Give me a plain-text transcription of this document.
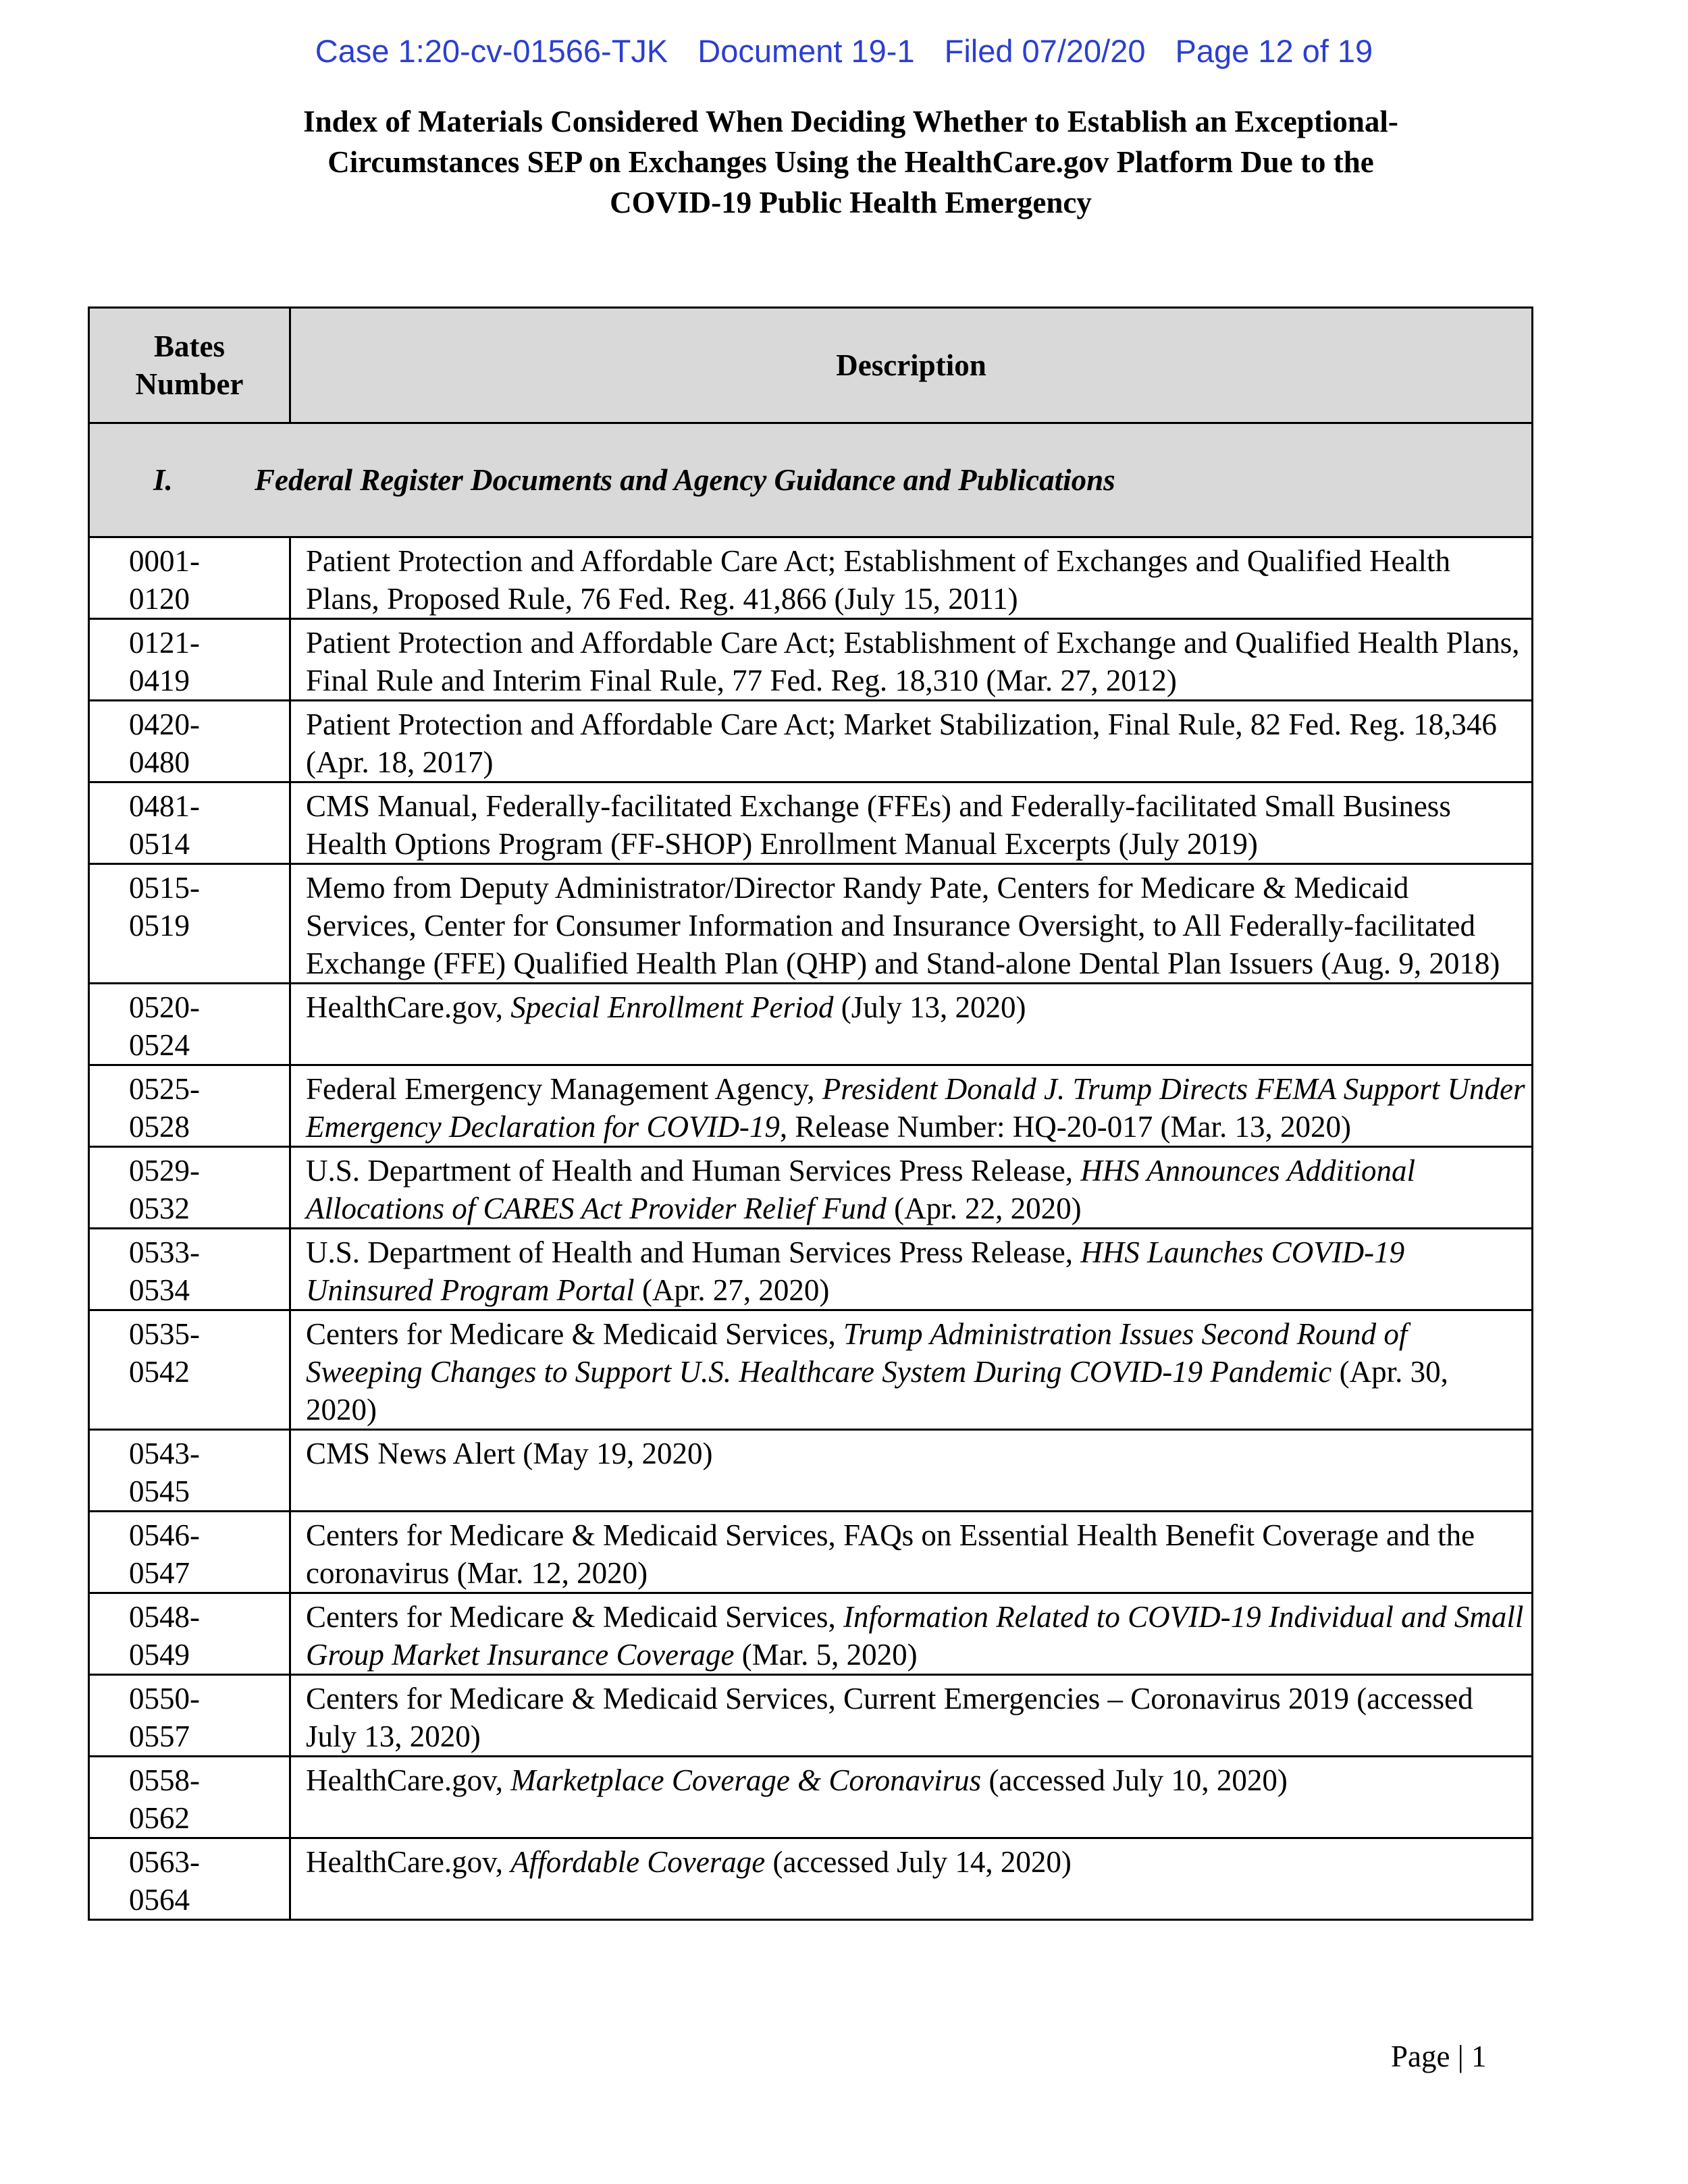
Case 1:20-cv-01566-TJK Document 19-1 Filed 07/20/20 Page 12 of 19
Index of Materials Considered When Deciding Whether to Establish an Exceptional-
Circumstances SEP on Exchanges Using the HealthCare.gov Platform Due to the
COVID-19 Public Health Emergency
Bates
Number	Description
I. Federal Register Documents and Agency Guidance and Publications	

0001-
0120	Patient Protection and Affordable Care Act; Establishment of Exchanges and Qualified Health Plans, Proposed Rule, 76 Fed. Reg. 41,866 (July 15, 2011)

0121-
0419	Patient Protection and Affordable Care Act; Establishment of Exchange and Qualified Health Plans, Final Rule and Interim Final Rule, 77 Fed. Reg. 18,310 (Mar. 27, 2012)

0420-
0480	Patient Protection and Affordable Care Act; Market Stabilization, Final Rule, 82 Fed. Reg. 18,346 (Apr. 18, 2017)

0481-
0514	CMS Manual, Federally-facilitated Exchange (FFEs) and Federally-facilitated Small Business Health Options Program (FF-SHOP) Enrollment Manual Excerpts (July 2019)

0515-
0519	Memo from Deputy Administrator/Director Randy Pate, Centers for Medicare & Medicaid Services, Center for Consumer Information and Insurance Oversight, to All Federally-facilitated Exchange (FFE) Qualified Health Plan (QHP) and Stand-alone Dental Plan Issuers (Aug. 9, 2018)

0520-
0524	HealthCare.gov, Special Enrollment Period (July 13, 2020)

0525-
0528	Federal Emergency Management Agency, President Donald J. Trump Directs FEMA Support Under Emergency Declaration for COVID-19, Release Number: HQ-20-017 (Mar. 13, 2020)

0529-
0532	U.S. Department of Health and Human Services Press Release, HHS Announces Additional Allocations of CARES Act Provider Relief Fund (Apr. 22, 2020)

0533-
0534	U.S. Department of Health and Human Services Press Release, HHS Launches COVID-19 Uninsured Program Portal (Apr. 27, 2020)

0535-
0542	Centers for Medicare & Medicaid Services, Trump Administration Issues Second Round of Sweeping Changes to Support U.S. Healthcare System During COVID-19 Pandemic (Apr. 30, 2020)

0543-
0545	CMS News Alert (May 19, 2020)

0546-
0547	Centers for Medicare & Medicaid Services, FAQs on Essential Health Benefit Coverage and the coronavirus (Mar. 12, 2020)

0548-
0549	Centers for Medicare & Medicaid Services, Information Related to COVID-19 Individual and Small Group Market Insurance Coverage (Mar. 5, 2020)

0550-
0557	Centers for Medicare & Medicaid Services, Current Emergencies – Coronavirus 2019 (accessed July 13, 2020)

0558-
0562	HealthCare.gov, Marketplace Coverage & Coronavirus (accessed July 10, 2020)

0563-
0564	HealthCare.gov, Affordable Coverage (accessed July 14, 2020)
Page | 1
